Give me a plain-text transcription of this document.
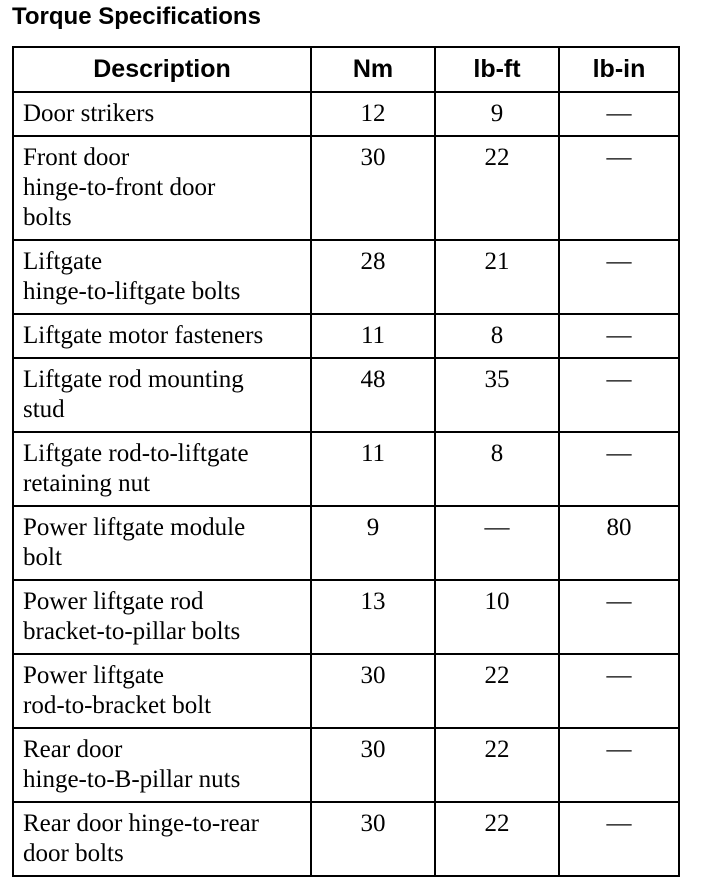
Torque Specifications
Description	Nm	lb-ft	lb-in

Door strikers	12	9	—

Front door
hinge-to-front door
bolts	30	22	—

Liftgate
hinge-to-liftgate bolts	28	21	—

Liftgate motor fasteners	11	8	—

Liftgate rod mounting
stud	48	35	—

Liftgate rod-to-liftgate
retaining nut	11	8	—

Power liftgate module
bolt	9	—	80

Power liftgate rod
bracket-to-pillar bolts	13	10	—

Power liftgate
rod-to-bracket bolt	30	22	—

Rear door
hinge-to-B-pillar nuts	30	22	—

Rear door hinge-to-rear
door bolts	30	22	—
